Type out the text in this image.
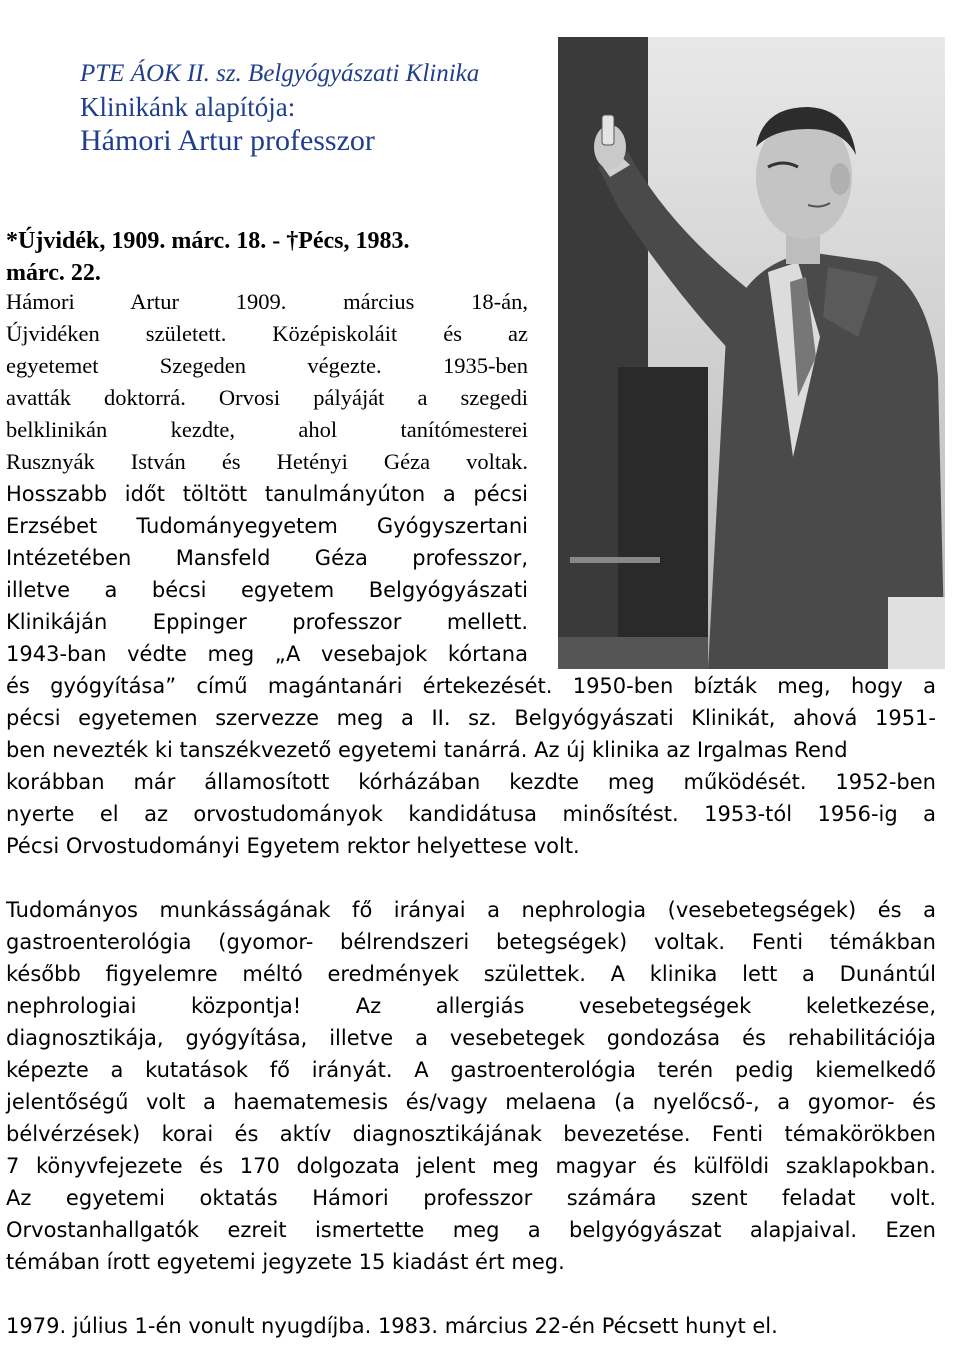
PTE ÁOK II. sz. Belgyógyászati Klinika
Klinikánk alapítója:
Hámori Artur professzor
*Újvidék, 1909. márc. 18. - †Pécs, 1983.
márc. 22.
Hámori Artur 1909. március 18-án,
Újvidéken született. Középiskoláit és az
egyetemet Szegeden végezte. 1935-ben
avatták doktorrá. Orvosi pályáját a szegedi
belklinikán kezdte, ahol tanítómesterei
Rusznyák István és Hetényi Géza voltak.
Hosszabb időt töltött tanulmányúton a pécsi
Erzsébet Tudományegyetem Gyógyszertani
Intézetében Mansfeld Géza professzor,
illetve a bécsi egyetem Belgyógyászati
Klinikáján Eppinger professzor mellett.
1943-ban védte meg „A vesebajok kórtana
és gyógyítása” című magántanári értekezését. 1950-ben bízták meg, hogy a
pécsi egyetemen szervezze meg a II. sz. Belgyógyászati Klinikát, ahová 1951-
ben nevezték ki tanszékvezető egyetemi tanárrá. Az új klinika az Irgalmas Rend
korábban már államosított kórházában kezdte meg működését. 1952-ben
nyerte el az orvostudományok kandidátusa minősítést. 1953-tól 1956-ig a
Pécsi Orvostudományi Egyetem rektor helyettese volt.
Tudományos munkásságának fő irányai a nephrologia (vesebetegségek) és a
gastroenterológia (gyomor- bélrendszeri betegségek) voltak. Fenti témákban
később figyelemre méltó eredmények születtek. A klinika lett a Dunántúl
nephrologiai központja! Az allergiás vesebetegségek keletkezése,
diagnosztikája, gyógyítása, illetve a vesebetegek gondozása és rehabilitációja
képezte a kutatások fő irányát. A gastroenterológia terén pedig kiemelkedő
jelentőségű volt a haematemesis és/vagy melaena (a nyelőcső-, a gyomor- és
bélvérzések) korai és aktív diagnosztikájának bevezetése. Fenti témakörökben
7 könyvfejezete és 170 dolgozata jelent meg magyar és külföldi szaklapokban.
Az egyetemi oktatás Hámori professzor számára szent feladat volt.
Orvostanhallgatók ezreit ismertette meg a belgyógyászat alapjaival. Ezen
témában írott egyetemi jegyzete 15 kiadást ért meg.
1979. július 1-én vonult nyugdíjba. 1983. március 22-én Pécsett hunyt el.
